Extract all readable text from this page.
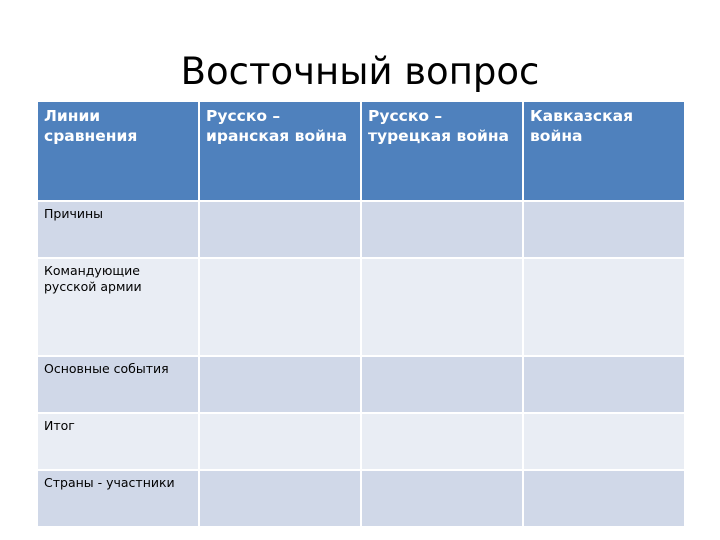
Восточный вопрос
Линии сравнения	Русско – иранская война	Русско – турецкая война	Кавказская война
Причины			
Командующие русской армии			
Основные события			
Итог			
Страны - участники			
